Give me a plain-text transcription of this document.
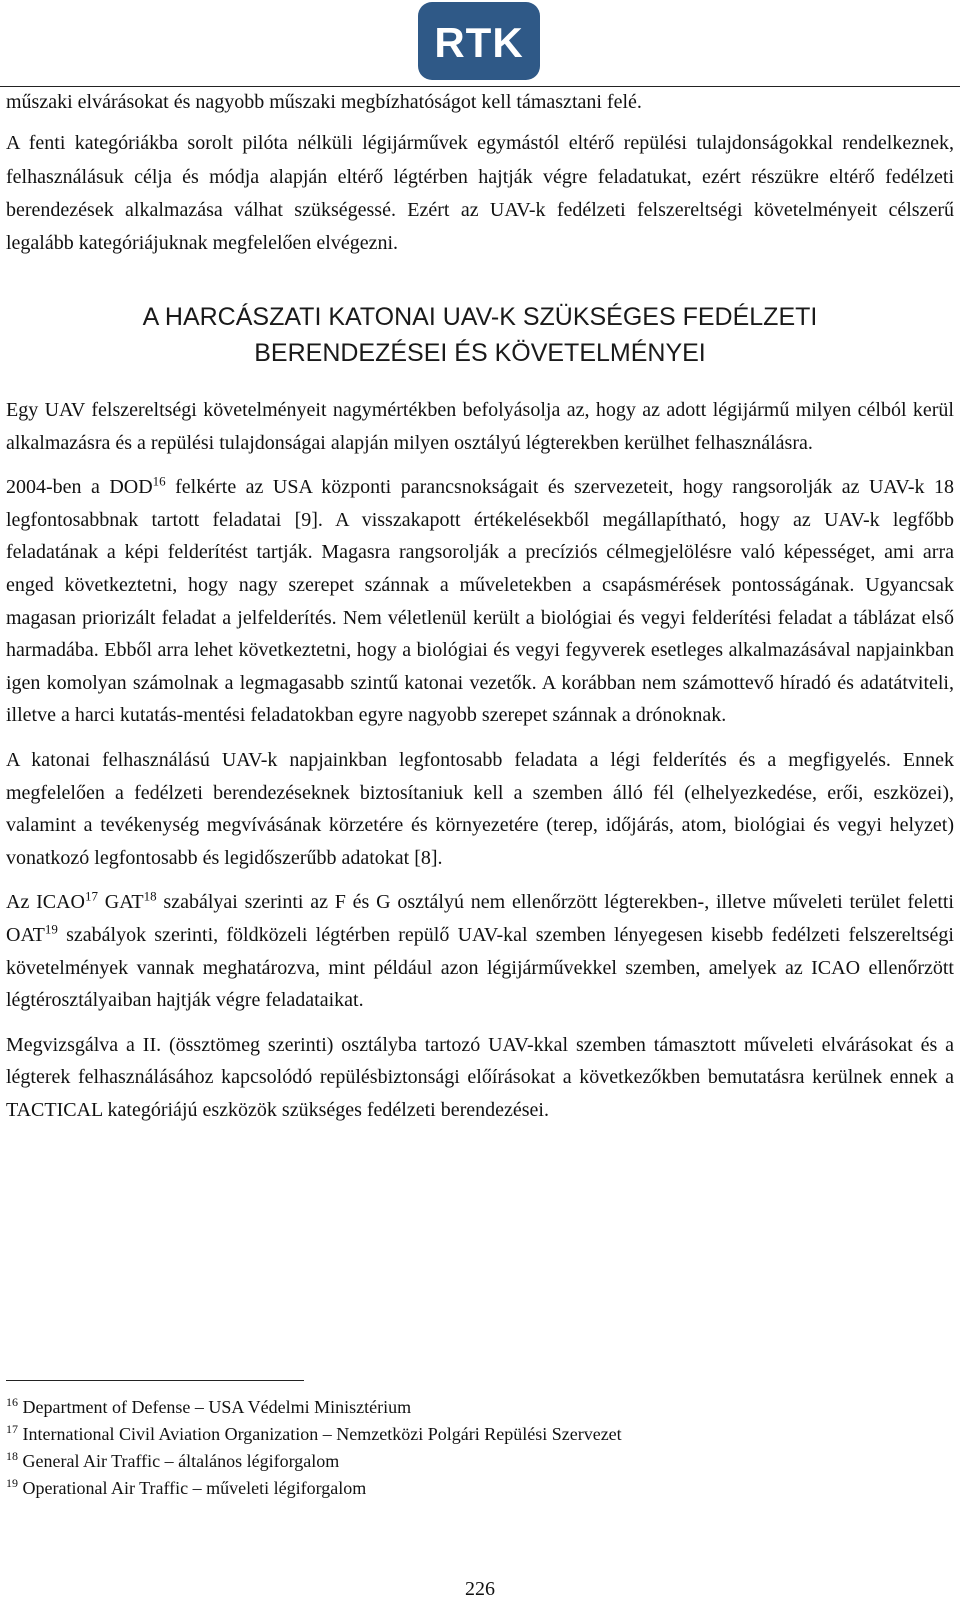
RTK

műszaki elvárásokat és nagyobb műszaki megbízhatóságot kell támasztani felé.

A fenti kategóriákba sorolt pilóta nélküli légijárművek egymástól eltérő repülési tulajdonságokkal rendelkeznek, felhasználásuk célja és módja alapján eltérő légtérben hajtják végre feladatukat, ezért részükre eltérő fedélzeti berendezések alkalmazása válhat szükségessé. Ezért az UAV-k fedélzeti felszereltségi követelményeit célszerű legalább kategóriájuknak megfelelően elvégezni.

A HARCÁSZATI KATONAI UAV-K SZÜKSÉGES FEDÉLZETI
BERENDEZÉSEI ÉS KÖVETELMÉNYEI

Egy UAV felszereltségi követelményeit nagymértékben befolyásolja az, hogy az adott légijármű milyen célból kerül alkalmazásra és a repülési tulajdonságai alapján milyen osztályú légterekben kerülhet felhasználásra.

2004-ben a DOD$^{16}$ felkérte az USA központi parancsnokságait és szervezeteit, hogy rangsorolják az UAV-k 18 legfontosabbnak tartott feladatai [9]. A visszakapott értékelésekből megállapítható, hogy az UAV-k legfőbb feladatának a képi felderítést tartják. Magasra rangsorolják a precíziós célmegjelölésre való képességet, ami arra enged következtetni, hogy nagy szerepet szánnak a műveletekben a csapásmérések pontosságának. Ugyancsak magasan priorizált feladat a jelfelderítés. Nem véletlenül került a biológiai és vegyi felderítési feladat a táblázat első harmadába. Ebből arra lehet következtetni, hogy a biológiai és vegyi fegyverek esetleges alkalmazásával napjainkban igen komolyan számolnak a legmagasabb szintű katonai vezetők. A korábban nem számottevő híradó és adatátviteli, illetve a harci kutatás-mentési feladatokban egyre nagyobb szerepet szánnak a drónoknak.

A katonai felhasználású UAV-k napjainkban legfontosabb feladata a légi felderítés és a megfigyelés. Ennek megfelelően a fedélzeti berendezéseknek biztosítaniuk kell a szemben álló fél (elhelyezkedése, erői, eszközei), valamint a tevékenység megvívásának körzetére és környezetére (terep, időjárás, atom, biológiai és vegyi helyzet) vonatkozó legfontosabb és legidőszerűbb adatokat [8].

Az ICAO$^{17}$ GAT$^{18}$ szabályai szerinti az F és G osztályú nem ellenőrzött légterekben-, illetve műveleti terület feletti OAT$^{19}$ szabályok szerinti, földközeli légtérben repülő UAV-kal szemben lényegesen kisebb fedélzeti felszereltségi követelmények vannak meghatározva, mint például azon légijárművekkel szemben, amelyek az ICAO ellenőrzött légtérosztályaiban hajtják végre feladataikat.

Megvizsgálva a II. (össztömeg szerinti) osztályba tartozó UAV-kkal szemben támasztott műveleti elvárásokat és a légterek felhasználásához kapcsolódó repülésbiztonsági előírásokat a következőkben bemutatásra kerülnek ennek a TACTICAL kategóriájú eszközök szükséges fedélzeti berendezései.

$^{16}$ Department of Defense – USA Védelmi Minisztérium
$^{17}$ International Civil Aviation Organization – Nemzetközi Polgári Repülési Szervezet
$^{18}$ General Air Traffic – általános légiforgalom
$^{19}$ Operational Air Traffic – műveleti légiforgalom
226
